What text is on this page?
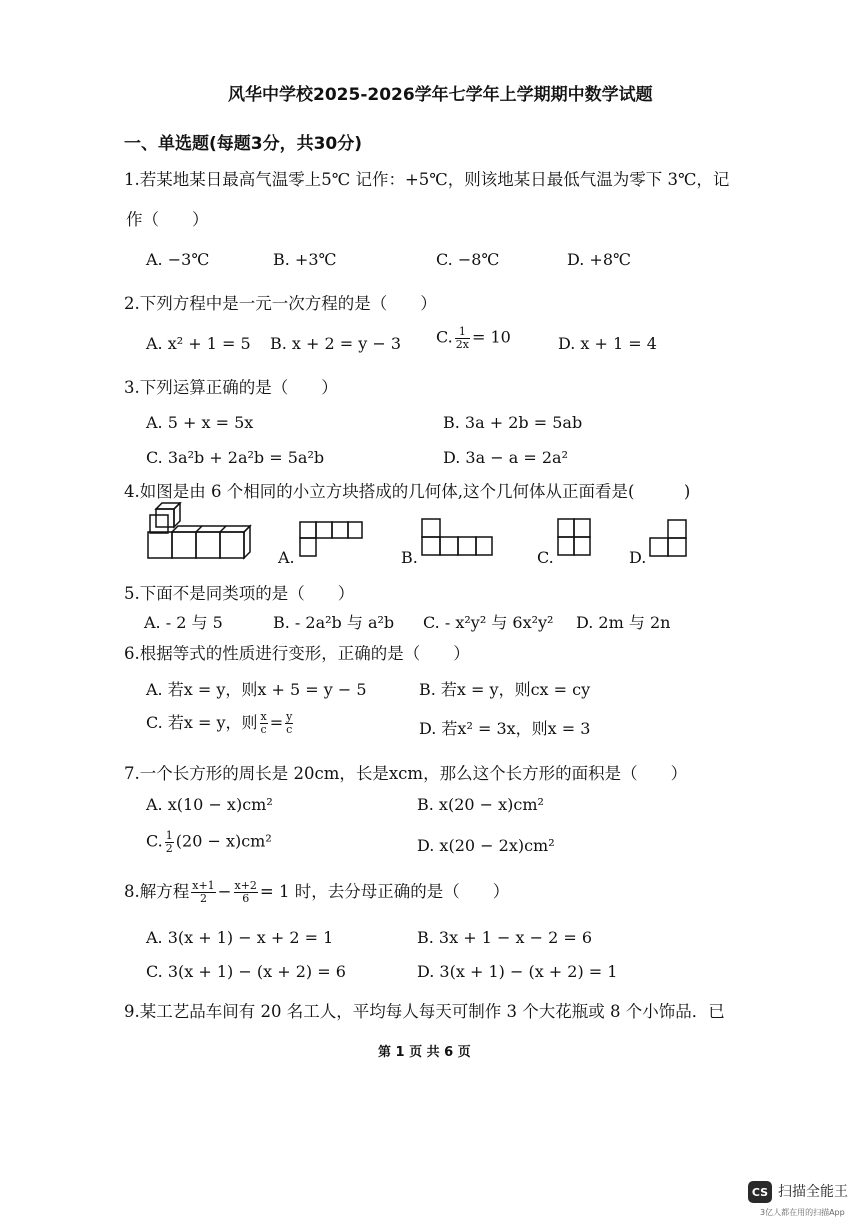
风华中学校2025-2026学年七学年上学期期中数学试题
一、单选题(每题3分，共30分)
1.若某地某日最高气温零上5℃ 记作：+5℃，则该地某日最低气温为零下 3℃，记
作（　　）
A. −3℃	B. +3℃	C. −8℃	D. +8℃
2.下列方程中是一元一次方程的是（　　）
A. x² + 1 = 5 B. x + 2 = y − 3 C. $\frac{1}{2x} = 10$	D. x + 1 = 4
3.下列运算正确的是（　　）
A. 5 + x = 5x	B. 3a + 2b = 5ab
C. 3a²b + 2a²b = 5a²b	D. 3a − a = 2a²
4.如图是由 6 个相同的小立方块搭成的几何体,这个几何体从正面看是(　　　)
A.	B.	C.	D.
5.下面不是同类项的是（　　）
A. - 2 与 5	B. - 2a²b 与 a²b C. - x²y² 与 6x²y² D. 2m 与 2n
6.根据等式的性质进行变形，正确的是（　　）
A. 若x = y，则x + 5 = y − 5	B. 若x = y，则cx = cy
C. 若x = y，则 $\frac{x}{c} = \frac{y}{c}$	D. 若x² = 3x，则x = 3
7.一个长方形的周长是 20cm，长是xcm，那么这个长方形的面积是（　　）
A. x(10 − x)cm²	B. x(20 − x)cm²
C. $\frac{1}{2} (20 - x)cm^2$	D. x(20 − 2x)cm²
8.解方程 $\frac{x+1}{2} - \frac{x+2}{6} = 1$ 时，去分母正确的是（　　）
A. 3(x + 1) − x + 2 = 1	B. 3x + 1 − x − 2 = 6
C. 3(x + 1) − (x + 2) = 6	D. 3(x + 1) − (x + 2) = 1
9.某工艺品车间有 20 名工人，平均每人每天可制作 3 个大花瓶或 8 个小饰品．已
第 1 页 共 6 页
CS 扫描全能王
3亿人都在用的扫描App
